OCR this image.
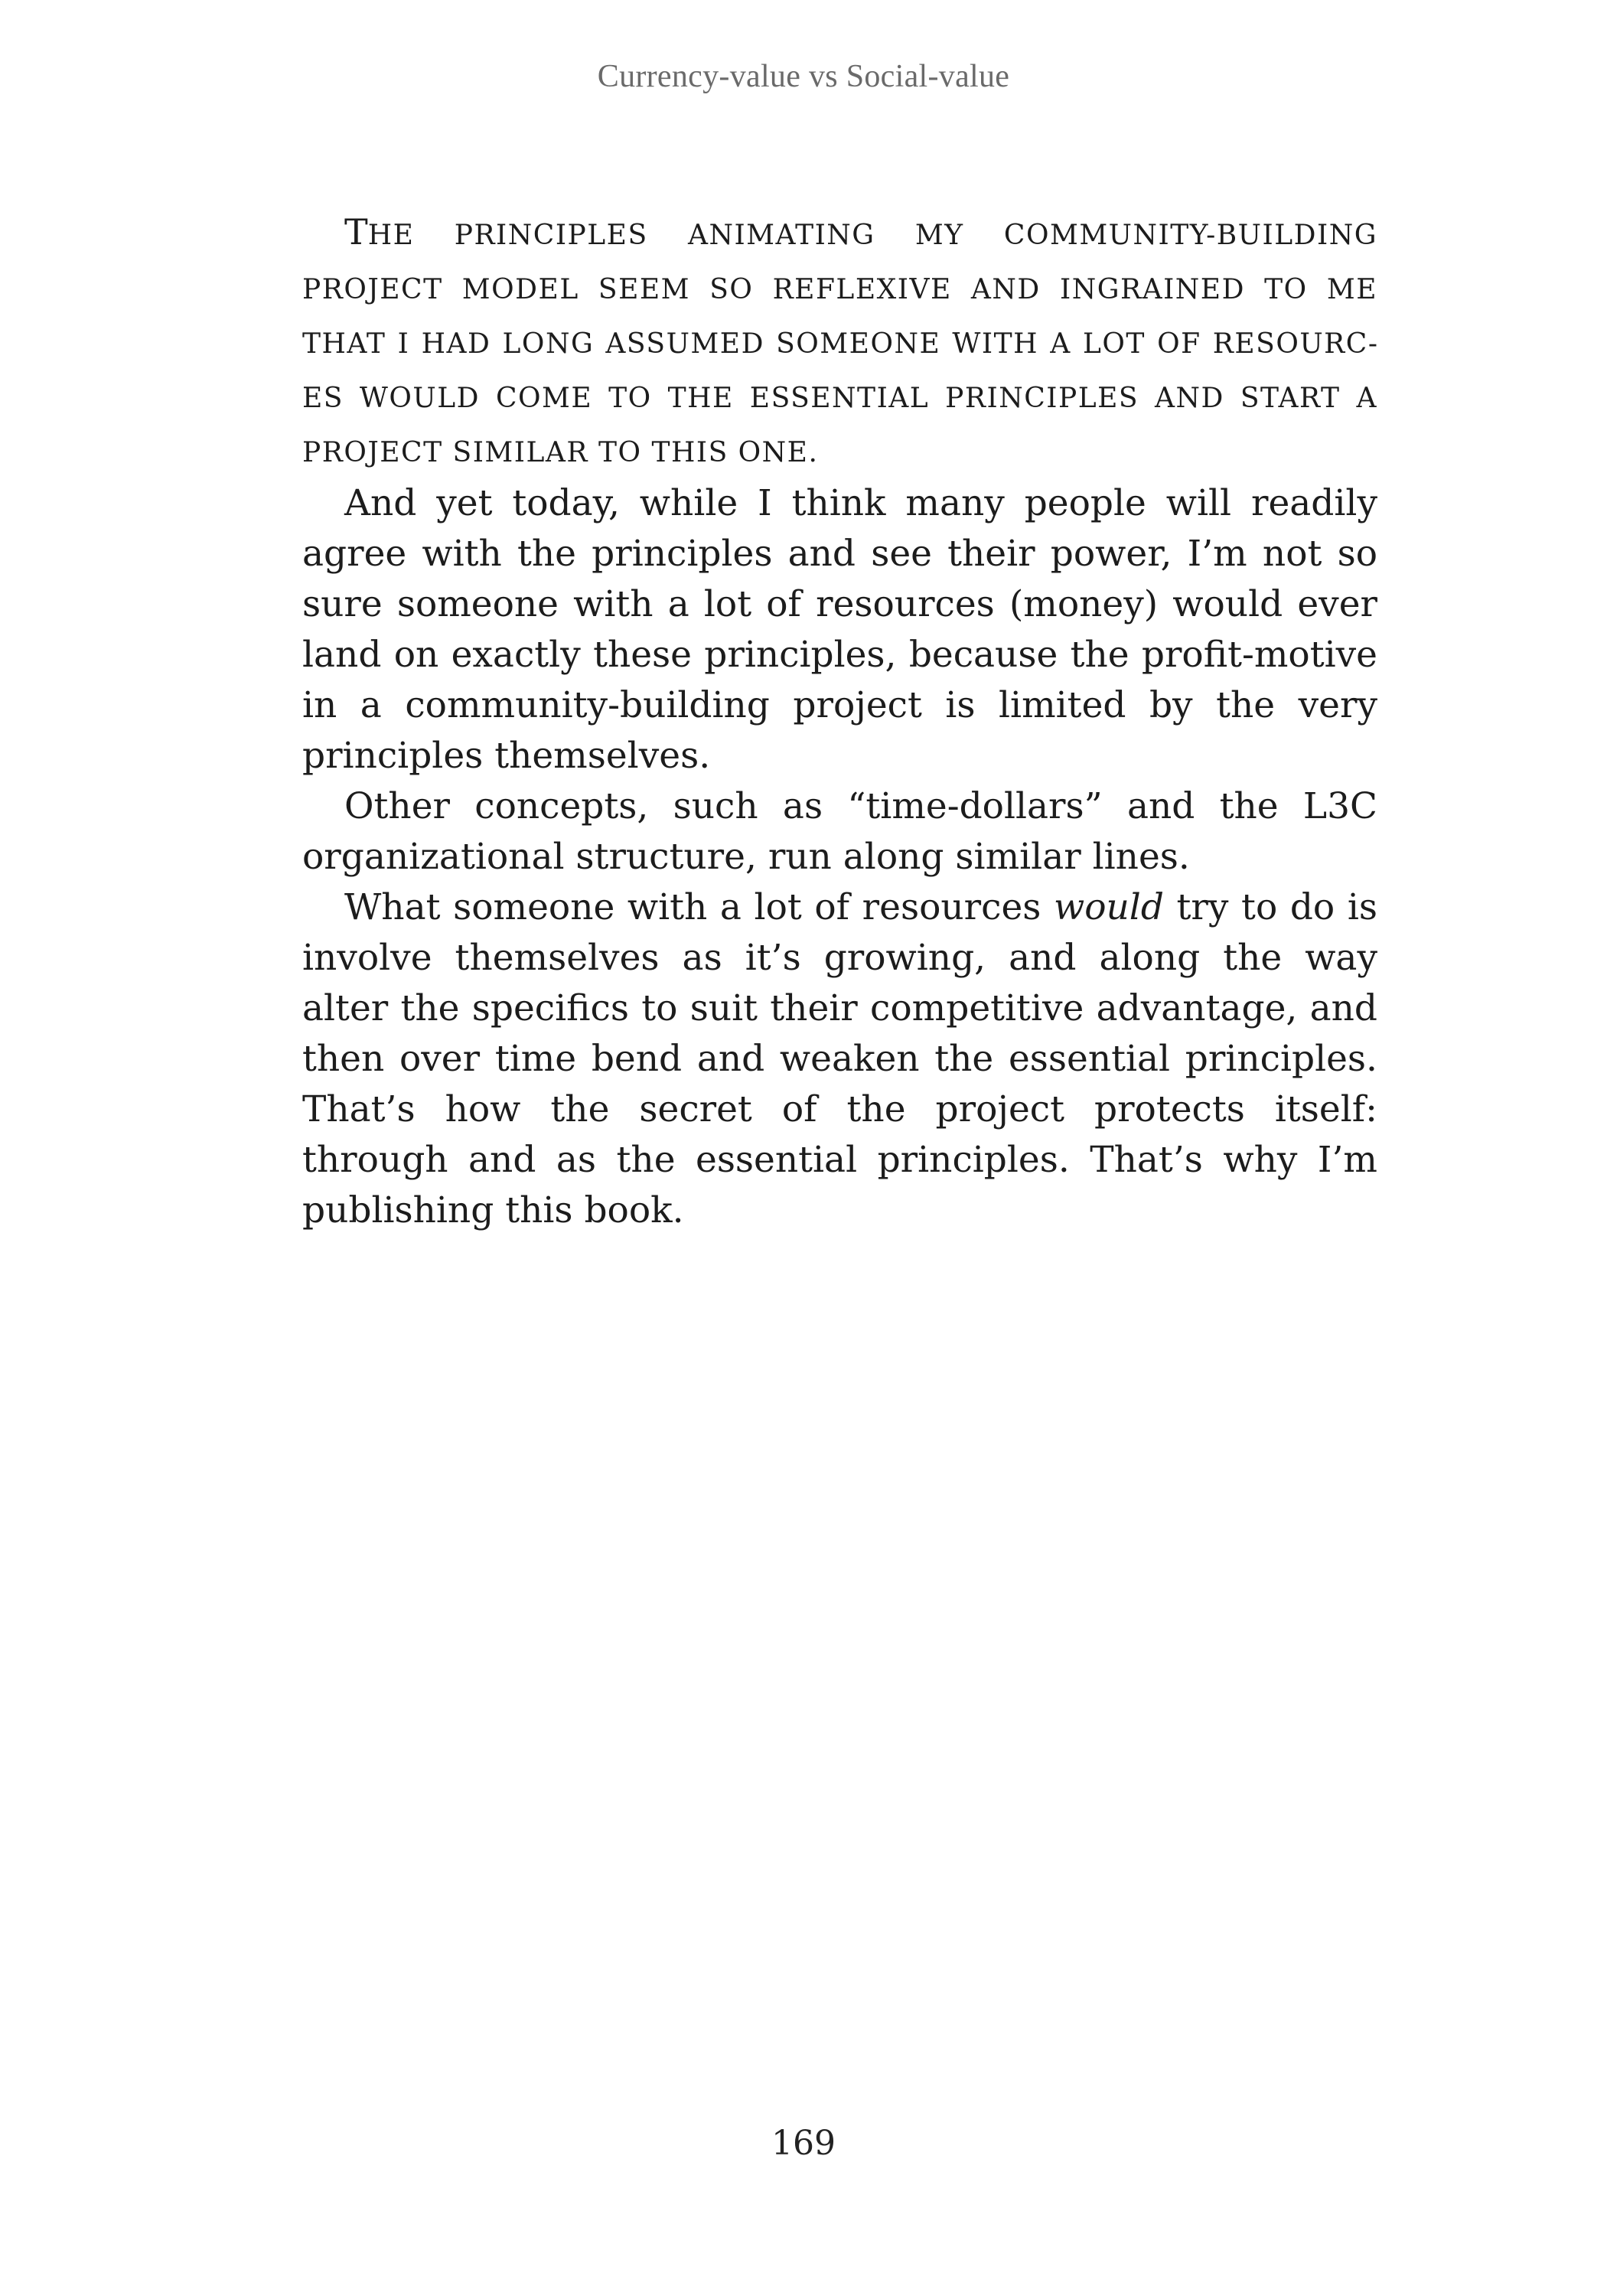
Currency-value vs Social-value

THE PRINCIPLES ANIMATING MY COMMUNITY-BUILDING PROJECT MODEL SEEM SO REFLEXIVE AND INGRAINED TO ME THAT I HAD LONG ASSUMED SOMEONE WITH A LOT OF RESOURCES WOULD COME TO THE ESSENTIAL PRINCIPLES AND START A PROJECT SIMILAR TO THIS ONE.

And yet today, while I think many people will readily agree with the principles and see their power, I’m not so sure someone with a lot of resources (money) would ever land on exactly these principles, because the profit-motive in a community-building project is limited by the very principles themselves.

Other concepts, such as “time-dollars” and the L3C organizational structure, run along similar lines.

What someone with a lot of resources would try to do is involve themselves as it’s growing, and along the way alter the specifics to suit their competitive advantage, and then over time bend and weaken the essential principles. That’s how the secret of the project protects itself: through and as the essential principles. That’s why I’m publishing this book.

169
